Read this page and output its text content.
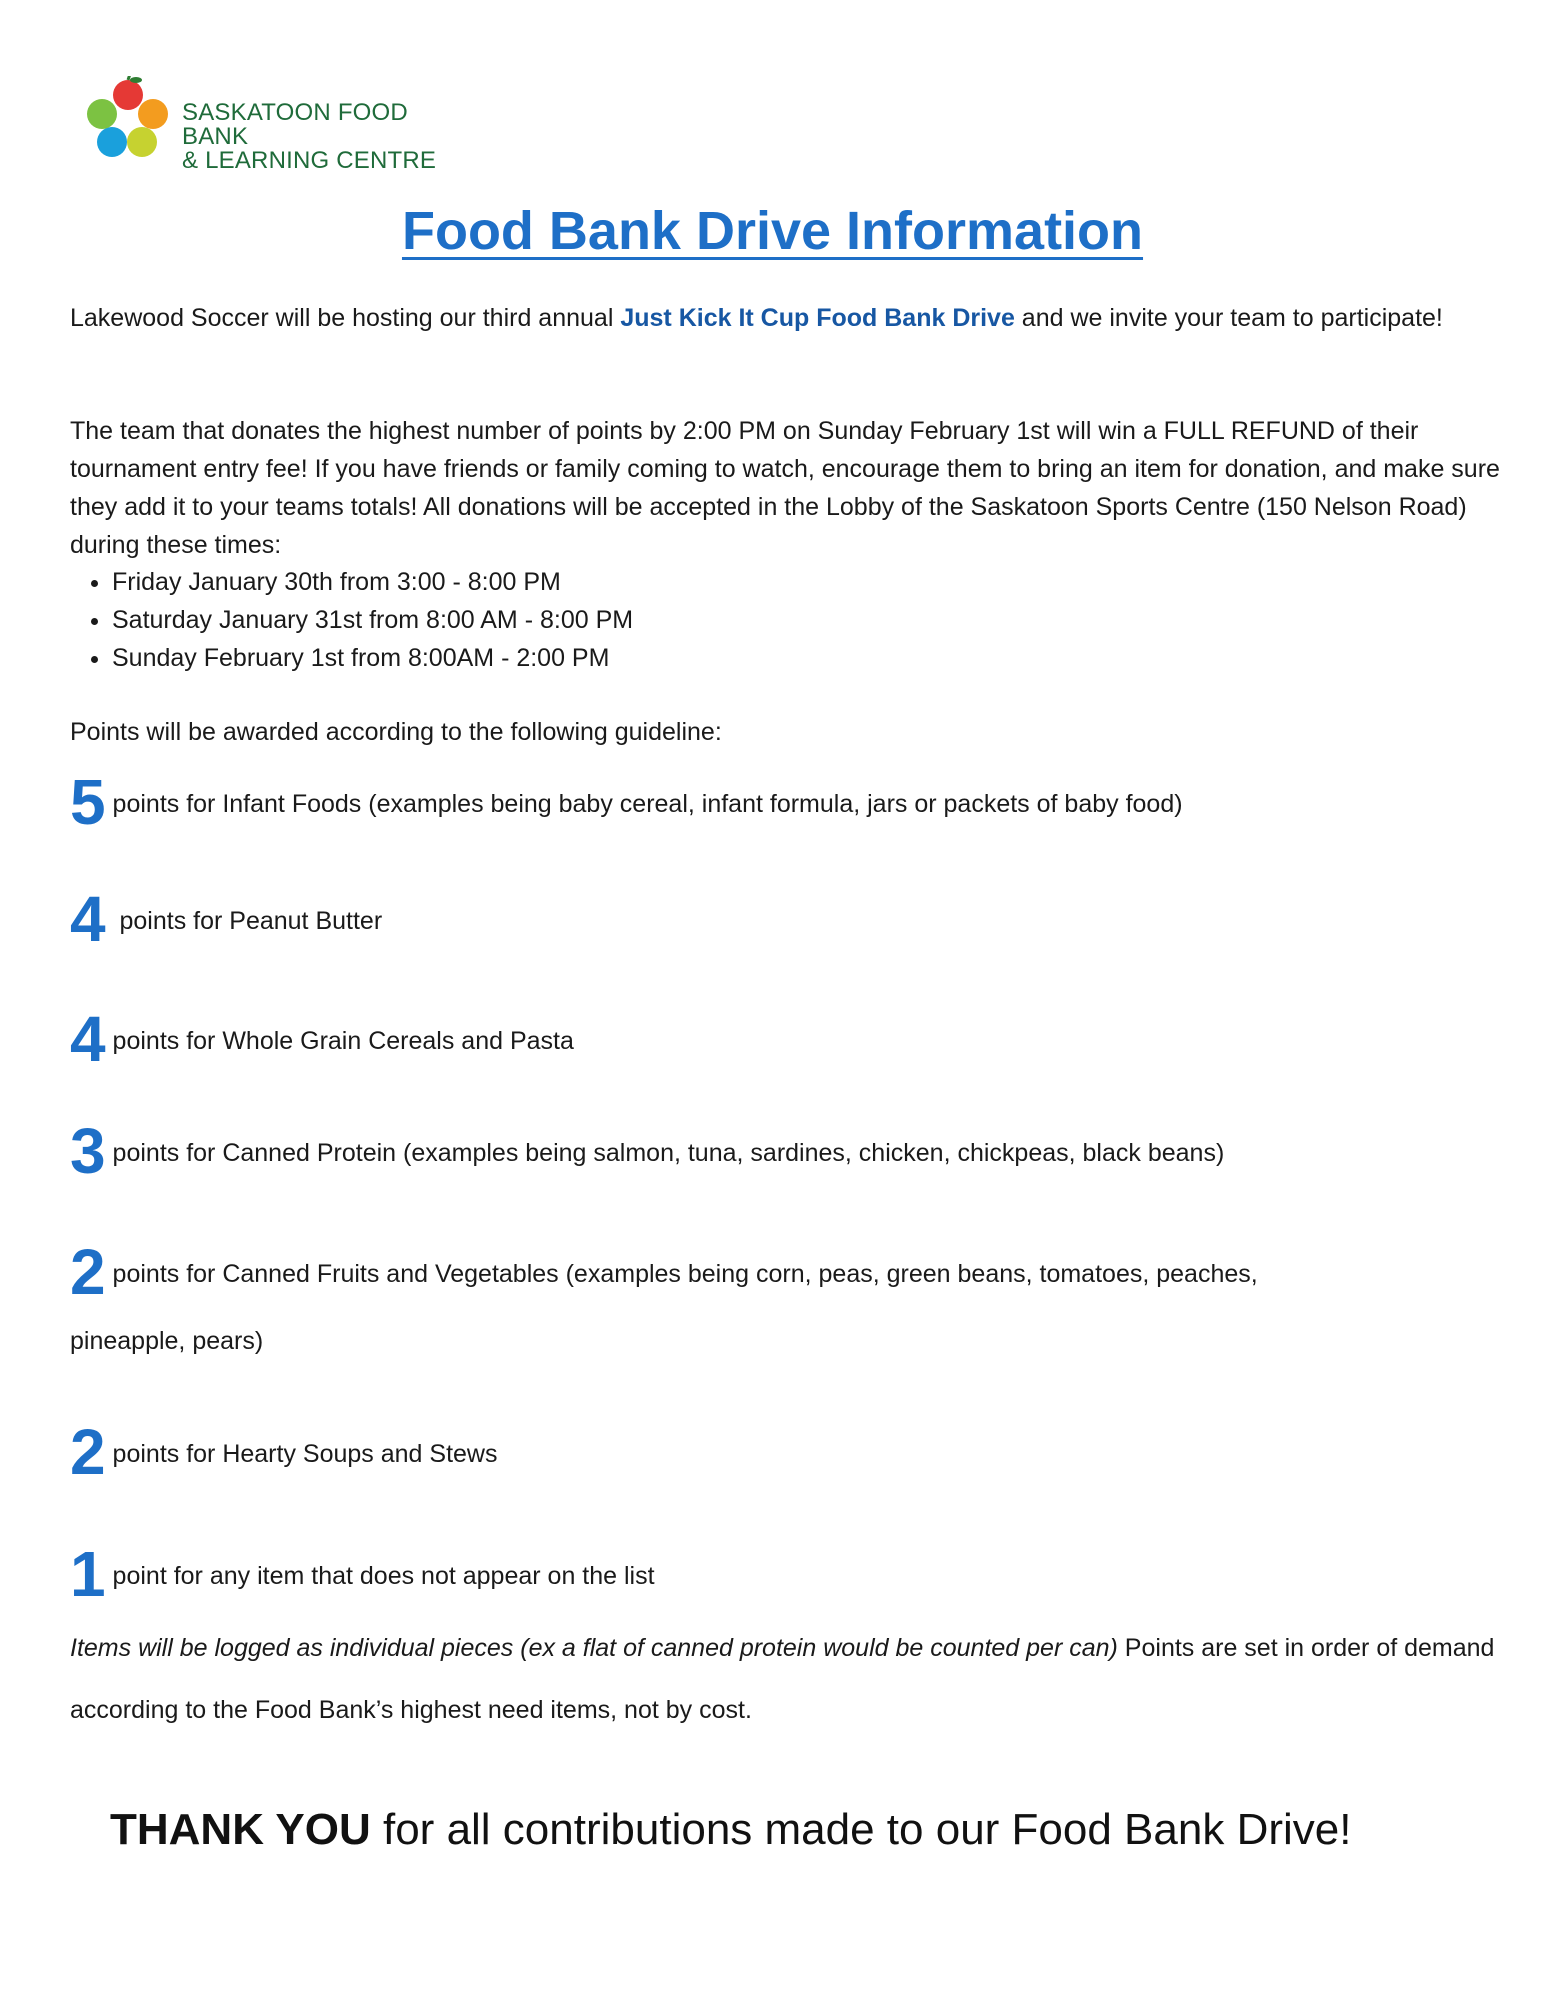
SASKATOON FOOD BANK
& LEARNING CENTRE
Food Bank Drive Information
Lakewood Soccer will be hosting our third annual Just Kick It Cup Food Bank Drive and we invite your team to participate!
The team that donates the highest number of points by 2:00 PM on Sunday February 1st will win a FULL REFUND of their tournament entry fee! If you have friends or family coming to watch, encourage them to bring an item for donation, and make sure they add it to your teams totals! All donations will be accepted in the Lobby of the Saskatoon Sports Centre (150 Nelson Road) during these times:
• Friday January 30th from 3:00 - 8:00 PM
• Saturday January 31st from 8:00 AM - 8:00 PM
• Sunday February 1st from 8:00AM - 2:00 PM
Points will be awarded according to the following guideline:
5 points for Infant Foods (examples being baby cereal, infant formula, jars or packets of baby food)
4  points for Peanut Butter
4 points for Whole Grain Cereals and Pasta
3 points for Canned Protein (examples being salmon, tuna, sardines, chicken, chickpeas, black beans)
2 points for Canned Fruits and Vegetables (examples being corn, peas, green beans, tomatoes, peaches,
pineapple, pears)
2 points for Hearty Soups and Stews
1 point for any item that does not appear on the list
Items will be logged as individual pieces (ex a flat of canned protein would be counted per can) Points are set in order of demand according to the Food Bank’s highest need items, not by cost.
THANK YOU for all contributions made to our Food Bank Drive!
